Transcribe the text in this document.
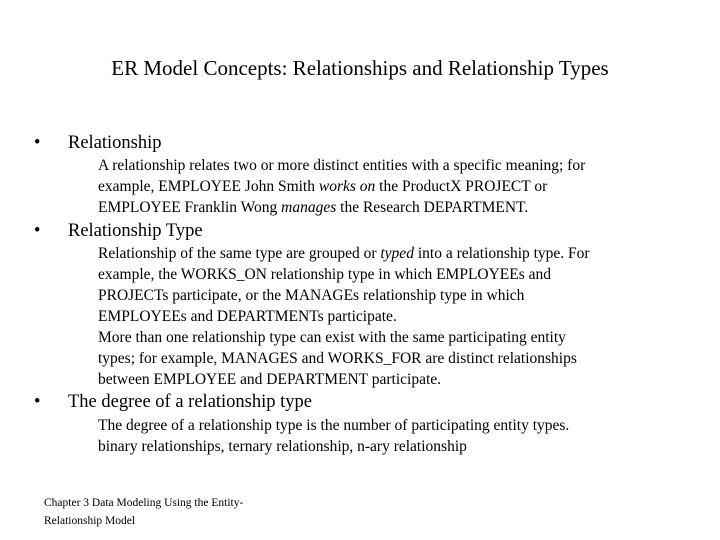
ER Model Concepts: Relationships and Relationship Types
• Relationship

A relationship relates two or more distinct entities with a specific meaning; for
example, EMPLOYEE John Smith works on the ProductX PROJECT or
EMPLOYEE Franklin Wong manages the Research DEPARTMENT.

• Relationship Type

Relationship of the same type are grouped or typed into a relationship type. For
example, the WORKS_ON relationship type in which EMPLOYEEs and
PROJECTs participate, or the MANAGEs relationship type in which
EMPLOYEEs and DEPARTMENTs participate.

More than one relationship type can exist with the same participating entity
types; for example, MANAGES and WORKS_FOR are distinct relationships
between EMPLOYEE and DEPARTMENT participate.

• The degree of a relationship type

The degree of a relationship type is the number of participating entity types.
binary relationships, ternary relationship, n-ary relationship

Chapter 3 Data Modeling Using the Entity-
Relationship Model
